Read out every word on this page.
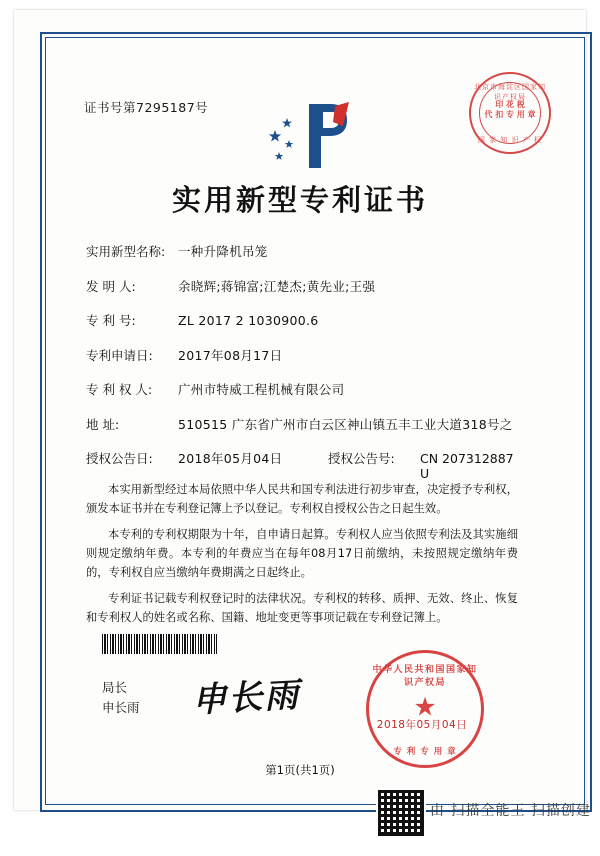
证书号第7295187号
北京市海淀区国家知识产权局
印 花 税
代 扣 专 用 章
国 家 知 识 产 权
实用新型专利证书
实用新型名称:	一种升降机吊笼
发 明 人:	余晓辉;蒋锦富;江楚杰;黄先业;王强
专 利 号:	ZL 2017 2 1030900.6
专利申请日:	2017年08月17日
专 利 权 人:	广州市特威工程机械有限公司
地 址:	510515 广东省广州市白云区神山镇五丰工业大道318号之
授权公告日:	2018年05月04日	授权公告号:	CN 207312887 U

本实用新型经过本局依照中华人民共和国专利法进行初步审查，决定授予专利权，颁发本证书并在专利登记簿上予以登记。专利权自授权公告之日起生效。

本专利的专利权期限为十年，自申请日起算。专利权人应当依照专利法及其实施细则规定缴纳年费。本专利的年费应当在每年08月17日前缴纳，未按照规定缴纳年费的，专利权自应当缴纳年费期满之日起终止。

专利证书记载专利权登记时的法律状况。专利权的转移、质押、无效、终止、恢复和专利权人的姓名或名称、国籍、地址变更等事项记载在专利登记簿上。

局长
申长雨 申长雨
中华人民共和国国家知识产权局
★
专 利 专 用 章
2018年05月04日
第1页(共1页)
由 扫描全能王 扫描创建
